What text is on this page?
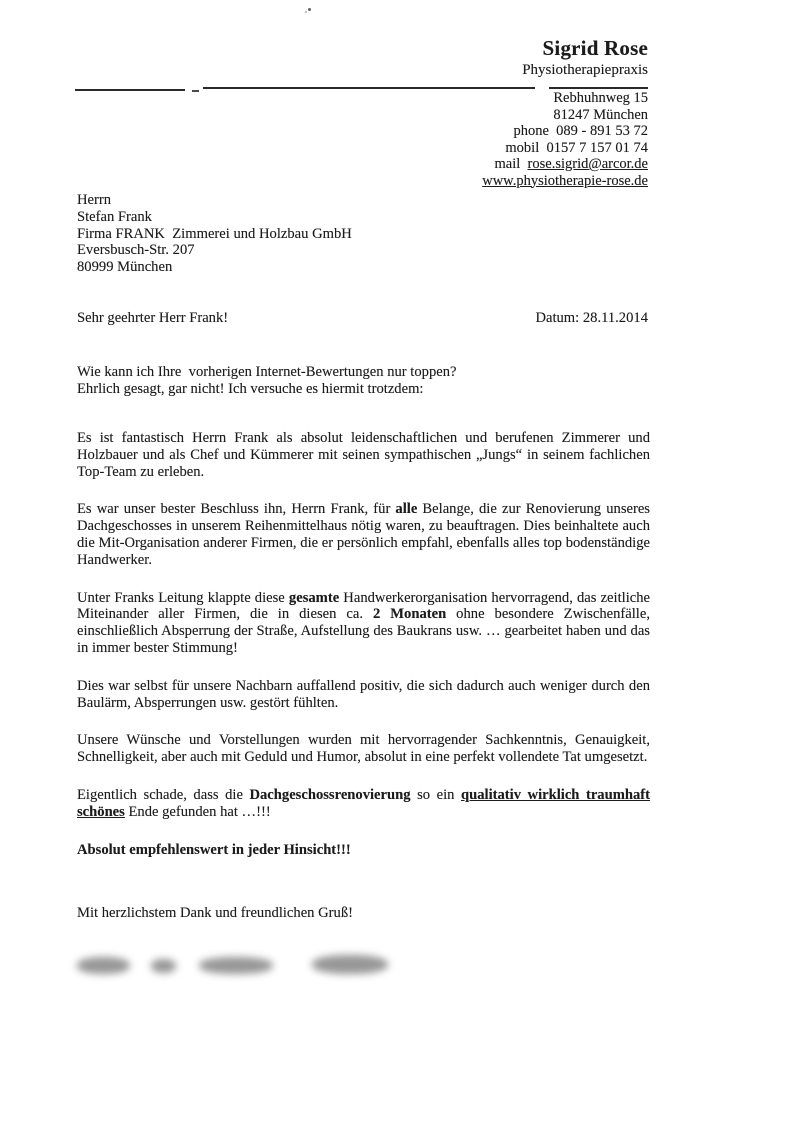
Sigrid Rose
Physiotherapiepraxis
Rebhuhnweg 15
81247 München
phone 089 - 891 53 72
mobil 0157 7 157 01 74
mail rose.sigrid@arcor.de
www.physiotherapie-rose.de
Herrn
Stefan Frank
Firma FRANK  Zimmerei und Holzbau GmbH
Eversbusch-Str. 207
80999 München
Sehr geehrter Herr Frank!	Datum: 28.11.2014
Wie kann ich Ihre  vorherigen Internet-Bewertungen nur toppen?
Ehrlich gesagt, gar nicht! Ich versuche es hiermit trotzdem:

Es ist fantastisch Herrn Frank als absolut leidenschaftlichen und berufenen Zimmerer und Holzbauer und als Chef und Kümmerer mit seinen sympathischen „Jungs“ in seinem fachlichen Top-Team zu erleben.

Es war unser bester Beschluss ihn, Herrn Frank, für alle Belange, die zur Renovierung unseres Dachgeschosses in unserem Reihenmittelhaus nötig waren, zu beauftragen. Dies beinhaltete auch die Mit-Organisation anderer Firmen, die er persönlich empfahl, ebenfalls alles top bodenständige Handwerker.

Unter Franks Leitung klappte diese gesamte Handwerkerorganisation hervorragend, das zeitliche Miteinander aller Firmen, die in diesen ca. 2 Monaten ohne besondere Zwischenfälle, einschließlich Absperrung der Straße, Aufstellung des Baukrans usw. … gearbeitet haben und das in immer bester Stimmung!

Dies war selbst für unsere Nachbarn auffallend positiv, die sich dadurch auch weniger durch den Baulärm, Absperrungen usw. gestört fühlten.

Unsere Wünsche und Vorstellungen wurden mit hervorragender Sachkenntnis, Genauigkeit, Schnelligkeit, aber auch mit Geduld und Humor, absolut in eine perfekt vollendete Tat umgesetzt.

Eigentlich schade, dass die Dachgeschossrenovierung so ein qualitativ wirklich traumhaft schönes Ende gefunden hat …!!!

Absolut empfehlenswert in jeder Hinsicht!!!

Mit herzlichstem Dank und freundlichen Gruß!
